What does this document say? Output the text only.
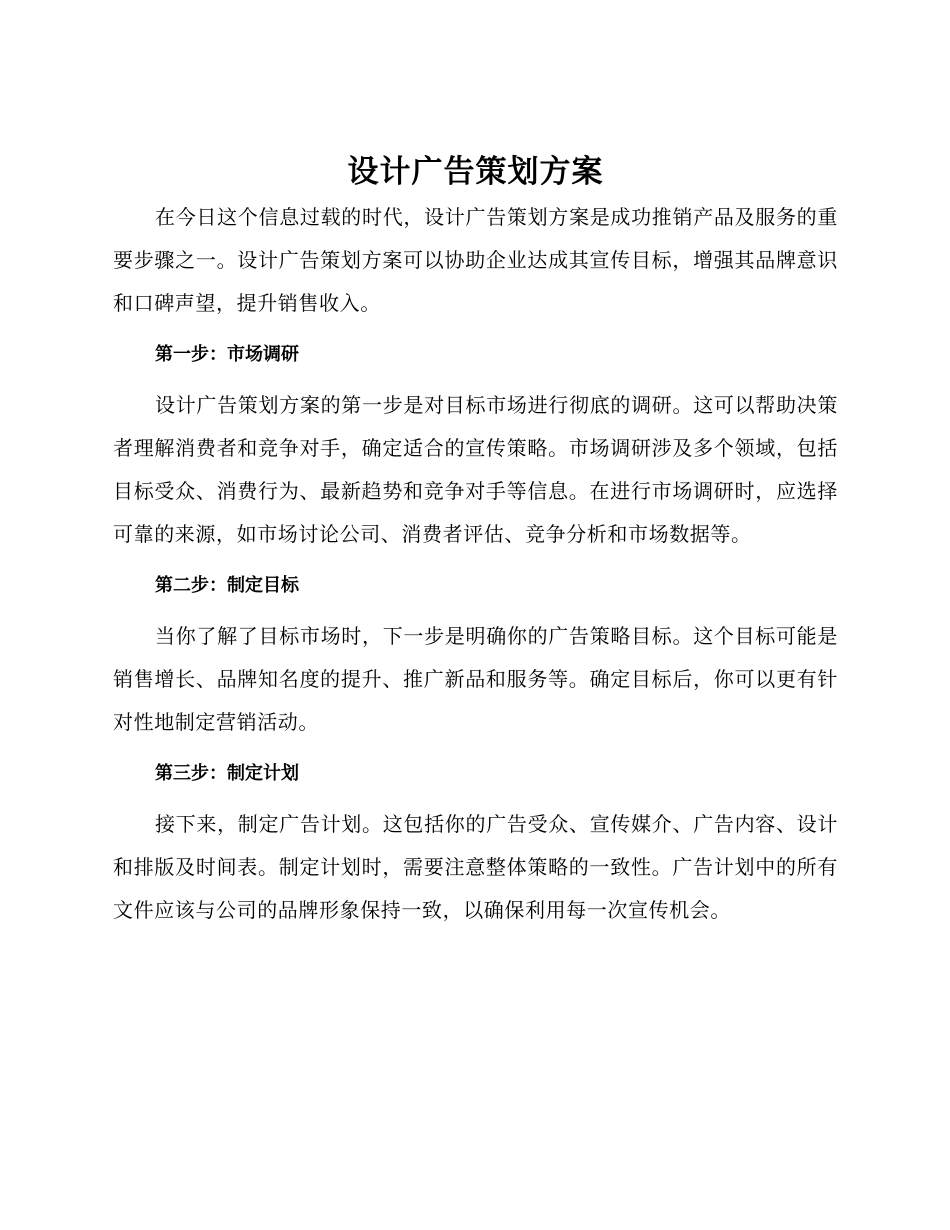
设计广告策划方案

在今日这个信息过载的时代，设计广告策划方案是成功推销产品及服务的重要步骤之一。设计广告策划方案可以协助企业达成其宣传目标，增强其品牌意识和口碑声望，提升销售收入。

第一步：市场调研

设计广告策划方案的第一步是对目标市场进行彻底的调研。这可以帮助决策者理解消费者和竞争对手，确定适合的宣传策略。市场调研涉及多个领域，包括目标受众、消费行为、最新趋势和竞争对手等信息。在进行市场调研时，应选择可靠的来源，如市场讨论公司、消费者评估、竞争分析和市场数据等。

第二步：制定目标

当你了解了目标市场时，下一步是明确你的广告策略目标。这个目标可能是销售增长、品牌知名度的提升、推广新品和服务等。确定目标后，你可以更有针对性地制定营销活动。

第三步：制定计划

接下来，制定广告计划。这包括你的广告受众、宣传媒介、广告内容、设计和排版及时间表。制定计划时，需要注意整体策略的一致性。广告计划中的所有文件应该与公司的品牌形象保持一致，以确保利用每一次宣传机会。
